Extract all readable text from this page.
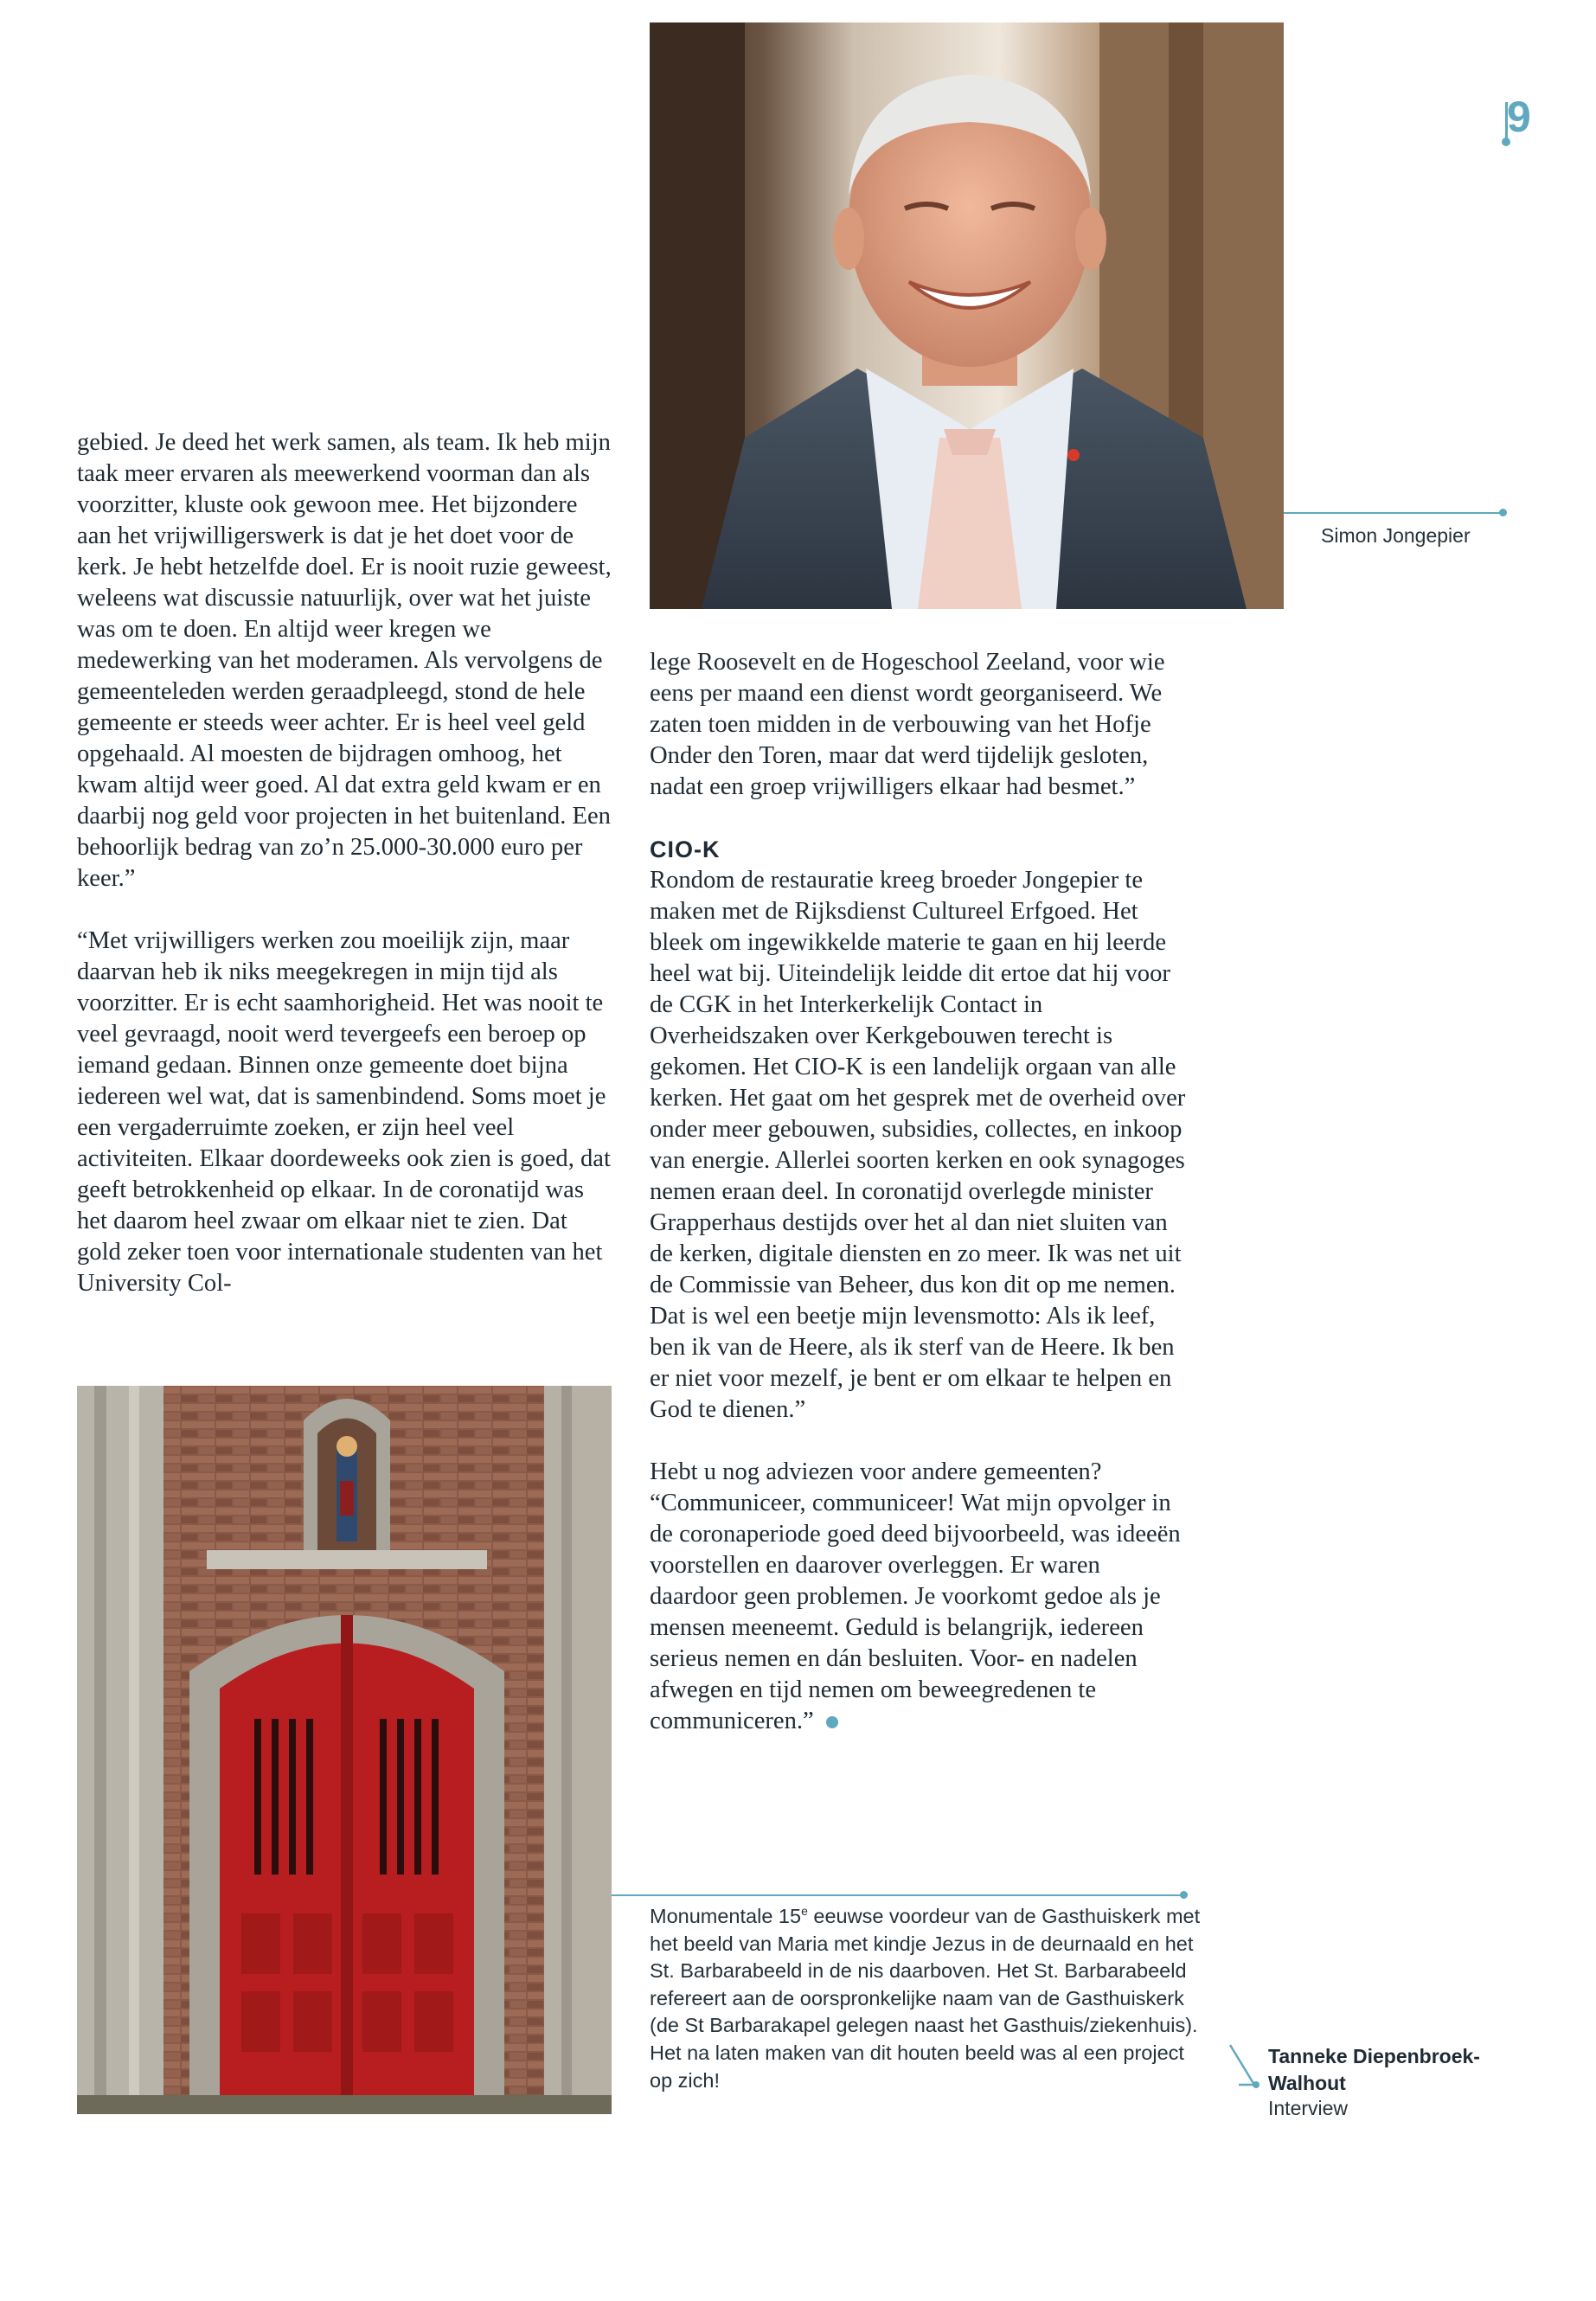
9
Simon Jongepier

gebied. Je deed het werk samen, als team. Ik heb mijn taak meer ervaren als meewerkend voorman dan als voorzitter, kluste ook gewoon mee. Het bijzondere aan het vrijwilligerswerk is dat je het doet voor de kerk. Je hebt hetzelfde doel. Er is nooit ruzie geweest, weleens wat discussie natuurlijk, over wat het juiste was om te doen. En altijd weer kregen we medewerking van het moderamen. Als vervolgens de gemeenteleden werden geraadpleegd, stond de hele gemeente er steeds weer achter. Er is heel veel geld opgehaald. Al moesten de bijdragen omhoog, het kwam altijd weer goed. Al dat extra geld kwam er en daarbij nog geld voor projecten in het buitenland. Een behoorlijk bedrag van zo’n 25.000-30.000 euro per keer.”

“Met vrijwilligers werken zou moeilijk zijn, maar daarvan heb ik niks meegekregen in mijn tijd als voorzitter. Er is echt saamhorigheid. Het was nooit te veel gevraagd, nooit werd tevergeefs een beroep op iemand gedaan. Binnen onze gemeente doet bijna iedereen wel wat, dat is samenbindend. Soms moet je een vergaderruimte zoeken, er zijn heel veel activiteiten. Elkaar doordeweeks ook zien is goed, dat geeft betrokkenheid op elkaar. In de coronatijd was het daarom heel zwaar om elkaar niet te zien. Dat gold zeker toen voor internationale studenten van het University Col-

lege Roosevelt en de Hogeschool Zeeland, voor wie eens per maand een dienst wordt georganiseerd. We zaten toen midden in de verbouwing van het Hofje Onder den Toren, maar dat werd tijdelijk gesloten, nadat een groep vrijwilligers elkaar had besmet.”

CIO-K

Rondom de restauratie kreeg broeder Jongepier te maken met de Rijksdienst Cultureel Erfgoed. Het bleek om ingewikkelde materie te gaan en hij leerde heel wat bij. Uiteindelijk leidde dit ertoe dat hij voor de CGK in het Interkerkelijk Contact in Overheidszaken over Kerkgebouwen terecht is gekomen. Het CIO-K is een landelijk orgaan van alle kerken. Het gaat om het gesprek met de overheid over onder meer gebouwen, subsidies, collectes, en inkoop van energie. Allerlei soorten kerken en ook synagoges nemen eraan deel. In coronatijd overlegde minister Grapperhaus destijds over het al dan niet sluiten van de kerken, digitale diensten en zo meer. Ik was net uit de Commissie van Beheer, dus kon dit op me nemen. Dat is wel een beetje mijn levensmotto: Als ik leef, ben ik van de Heere, als ik sterf van de Heere. Ik ben er niet voor mezelf, je bent er om elkaar te helpen en God te dienen.”

Hebt u nog adviezen voor andere gemeenten?
“Communiceer, communiceer! Wat mijn opvolger in de coronaperiode goed deed bijvoorbeeld, was ideeën voorstellen en daarover overleggen. Er waren daardoor geen problemen. Je voorkomt gedoe als je mensen meeneemt. Geduld is belangrijk, iedereen serieus nemen en dán besluiten. Voor- en nadelen afwegen en tijd nemen om beweegredenen te communiceren.”

Monumentale 15e eeuwse voordeur van de Gasthuiskerk met het beeld van Maria met kindje Jezus in de deurnaald en het St. Barbarabeeld in de nis daarboven. Het St. Barbarabeeld refereert aan de oorspronkelijke naam van de Gasthuiskerk (de St Barbarakapel gelegen naast het Gasthuis/ziekenhuis). Het na laten maken van dit houten beeld was al een project op zich!
Tanneke Diepenbroek-Walhout
Interview
